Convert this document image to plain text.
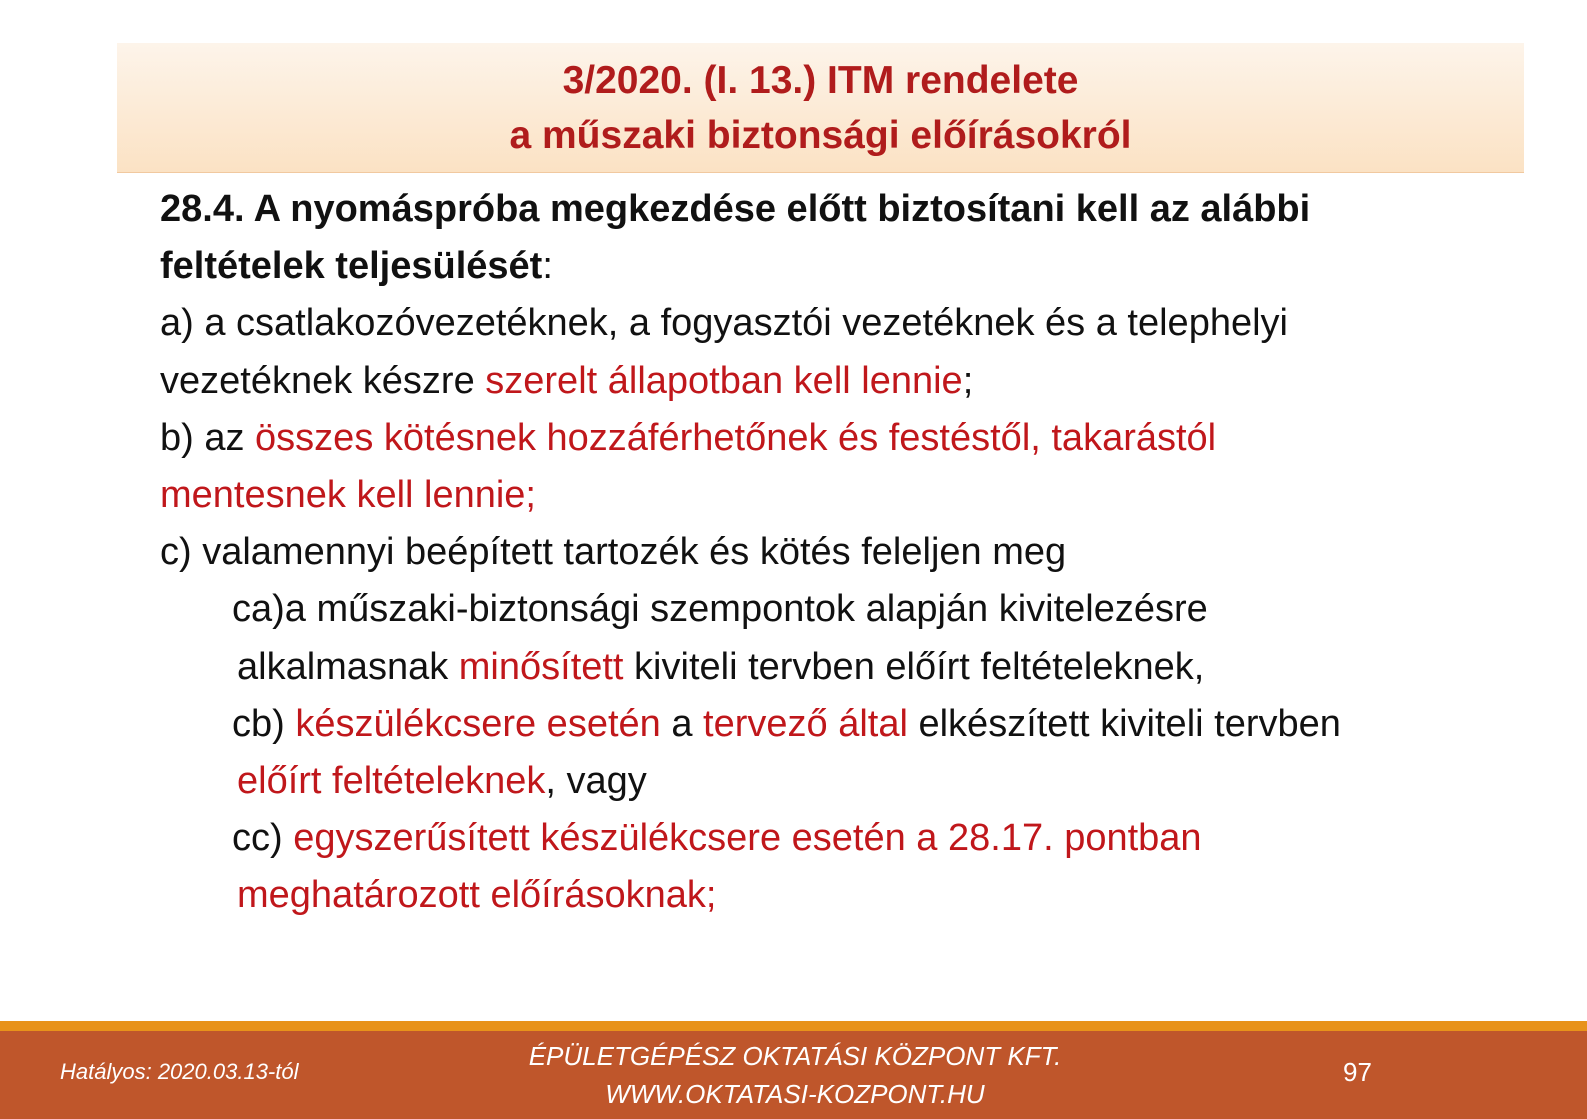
3/2020. (I. 13.) ITM rendelete
a műszaki biztonsági előírásokról
28.4. A nyomáspróba megkezdése előtt biztosítani kell az alábbi
feltételek teljesülését:
a) a csatlakozóvezetéknek, a fogyasztói vezetéknek és a telephelyi
vezetéknek készre szerelt állapotban kell lennie;
b) az összes kötésnek hozzáférhetőnek és festéstől, takarástól
mentesnek kell lennie;
c) valamennyi beépített tartozék és kötés feleljen meg
ca)a műszaki-biztonsági szempontok alapján kivitelezésre
alkalmasnak minősített kiviteli tervben előírt feltételeknek,
cb) készülékcsere esetén a tervező által elkészített kiviteli tervben
előírt feltételeknek, vagy
cc) egyszerűsített készülékcsere esetén a 28.17. pontban
meghatározott előírásoknak;
Hatályos: 2020.03.13-tól
ÉPÜLETGÉPÉSZ OKTATÁSI KÖZPONT KFT.
WWW.OKTATASI-KOZPONT.HU
97
